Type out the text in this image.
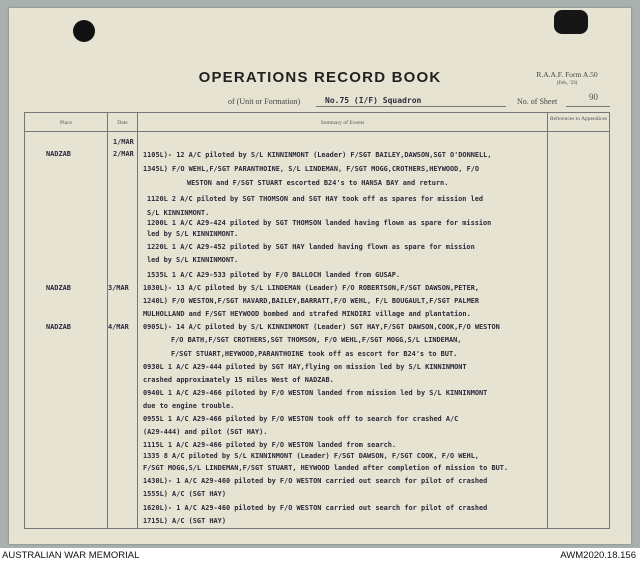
OPERATIONS RECORD BOOK	R.A.A.F. Form A.50
(Feb., '23)
of (Unit or Formation)	No.75 (I/F) Squadron	No. of Sheet	90
Place	Date	Summary of Events
References to Appendices
1/MAR
NADZAB	2/MAR 1105L)- 12 A/C piloted by S/L KINNINMONT (Leader) F/SGT BAILEY,DAWSON,SGT O'DONNELL,
1345L) F/O WEHL,F/SGT PARANTHOINE, S/L LINDEMAN, F/SGT MOGG,CROTHERS,HEYWOOD, F/O
WESTON and F/SGT STUART escorted B24's to HANSA BAY and return.
1120L 2 A/C piloted by SGT THOMSON and SGT HAY took off as spares for mission led
S/L KINNINMONT.
1200L 1 A/C A29-424 piloted by SGT THOMSON landed having flown as spare for mission
led by S/L KINNINMONT.
1220L 1 A/C A29-452 piloted by SGT HAY landed having flown as spare for mission
led by S/L KINNINMONT.
1535L 1 A/C A29-533 piloted by F/O BALLOCH landed from GUSAP.
NADZAB	3/MAR 1030L)- 13 A/C piloted by S/L LINDEMAN (Leader) F/O ROBERTSON,F/SGT DAWSON,PETER,
1240L) F/O WESTON,F/SGT HAVARD,BAILEY,BARRATT,F/O WEHL, F/L BOUGAULT,F/SGT PALMER
MULHOLLAND and F/SGT HEYWOOD bombed and strafed MINDIRI village and plantation.
NADZAB	4/MAR 0905L)- 14 A/C piloted by S/L KINNINMONT (Leader) SGT HAY,F/SGT DAWSON,COOK,F/O WESTON
F/O BATH,F/SGT CROTHERS,SGT THOMSON, F/O WEHL,F/SGT MOGG,S/L LINDEMAN,
F/SGT STUART,HEYWOOD,PARANTHOINE took off as escort for B24's to BUT.
0930L 1 A/C A29-444 piloted by SGT HAY,flying on mission led by S/L KINNINMONT
crashed approximately 15 miles West of NADZAB.
0940L 1 A/C A29-466 piloted by F/O WESTON landed from mission led by S/L KINNINMONT
due to engine trouble.
0955L 1 A/C A29-466 piloted by F/O WESTON took off to search for crashed A/C
(A29-444) and pilot (SGT HAY).
1115L 1 A/C A29-466 piloted by F/O WESTON landed from search.
1335 8 A/C piloted by S/L KINNINMONT (Leader) F/SGT DAWSON, F/SGT COOK, F/O WEHL,
F/SGT MOGG,S/L LINDEMAN,F/SGT STUART, HEYWOOD landed after completion of mission to BUT.
1430L)- 1 A/C A29-460 piloted by F/O WESTON carried out search for pilot of crashed
1555L) A/C (SGT HAY)
1620L)- 1 A/C A29-460 piloted by F/O WESTON carried out search for pilot of crashed
1715L) A/C (SGT HAY)
AUSTRALIAN WAR MEMORIAL	AWM2020.18.156
